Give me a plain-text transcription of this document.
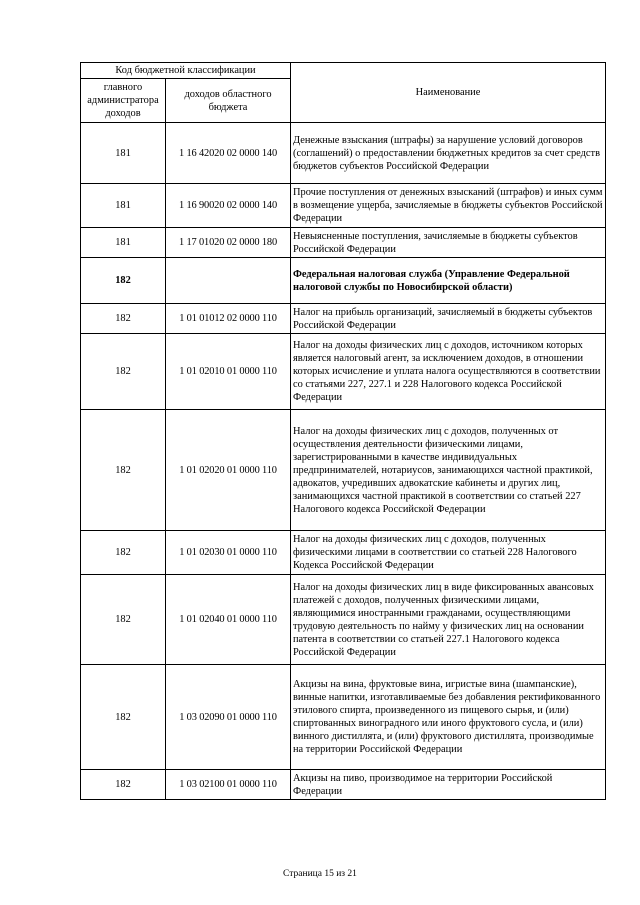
Код бюджетной классификации		Наименование
главного администратора доходов	доходов областного бюджета	
181	1 16 42020 02 0000 140	Денежные взыскания (штрафы) за нарушение условий договоров (соглашений) о предоставлении бюджетных кредитов за счет средств бюджетов субъектов Российской Федерации
181	1 16 90020 02 0000 140	Прочие поступления от денежных взысканий (штрафов) и иных сумм в возмещение ущерба, зачисляемые в бюджеты субъектов Российской Федерации
181	1 17 01020 02 0000 180	Невыясненные поступления, зачисляемые в бюджеты субъектов Российской Федерации
182		Федеральная налоговая служба (Управление Федеральной налоговой службы по Новосибирской области)
182	1 01 01012 02 0000 110	Налог на прибыль организаций, зачисляемый в бюджеты субъектов Российской Федерации
182	1 01 02010 01 0000 110	Налог на доходы физических лиц с доходов, источником которых является налоговый агент, за исключением доходов, в отношении которых исчисление и уплата налога осуществляются в соответствии со статьями 227, 227.1 и 228 Налогового кодекса Российской Федерации
182	1 01 02020 01 0000 110	Налог на доходы физических лиц с доходов, полученных от осуществления деятельности физическими лицами, зарегистрированными в качестве индивидуальных предпринимателей, нотариусов, занимающихся частной практикой, адвокатов, учредивших адвокатские кабинеты и других лиц, занимающихся частной практикой в соответствии со статьей 227 Налогового кодекса Российской Федерации
182	1 01 02030 01 0000 110	Налог на доходы физических лиц с доходов, полученных физическими лицами в соответствии со статьей 228 Налогового Кодекса Российской Федерации
182	1 01 02040 01 0000 110	Налог на доходы физических лиц в виде фиксированных авансовых платежей с доходов, полученных физическими лицами, являющимися иностранными гражданами, осуществляющими трудовую деятельность по найму у физических лиц на основании патента в соответствии со статьей 227.1 Налогового кодекса Российской Федерации
182	1 03 02090 01 0000 110	Акцизы на вина, фруктовые вина, игристые вина (шампанские), винные напитки, изготавливаемые без добавления ректификованного этилового спирта, произведенного из пищевого сырья, и (или) спиртованных виноградного или иного фруктового сусла, и (или) винного дистиллята, и (или) фруктового дистиллята, производимые на территории Российской Федерации
182	1 03 02100 01 0000 110	Акцизы на пиво, производимое на территории Российской Федерации
Страница 15 из 21
